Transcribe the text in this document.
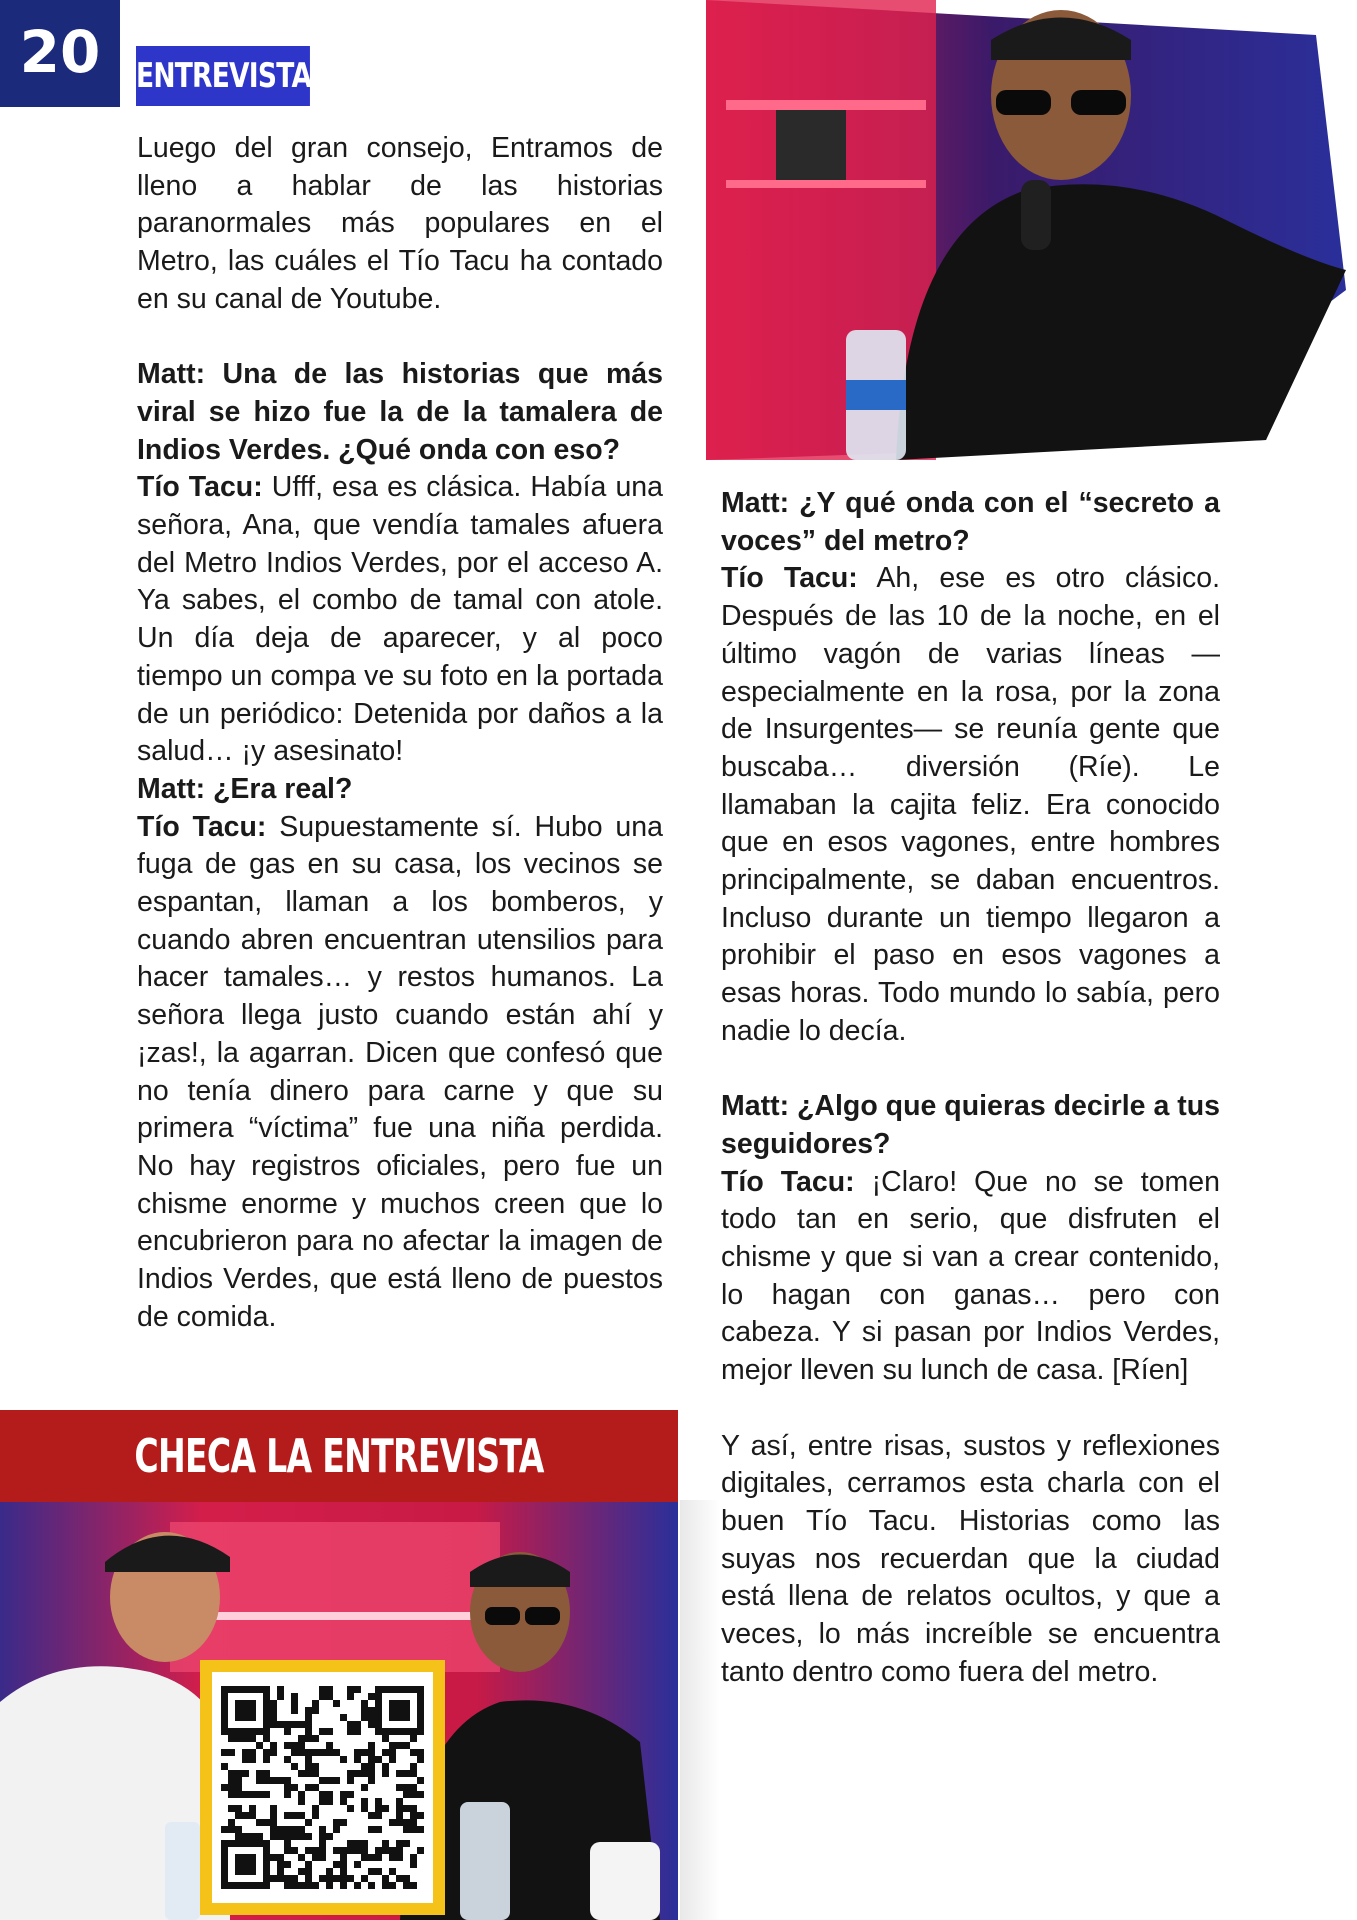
20	ENTREVISTA

Luego del gran consejo, Entramos de lleno a hablar de las historias paranormales más populares en el Metro, las cuáles el Tío Tacu ha contado en su canal de Youtube.

Matt: Una de las historias que más viral se hizo fue la de la tamalera de Indios Verdes. ¿Qué onda con eso?

Tío Tacu: Ufff, esa es clásica. Había una señora, Ana, que vendía tamales afuera del Metro Indios Verdes, por el acceso A. Ya sabes, el combo de tamal con atole. Un día deja de aparecer, y al poco tiempo un compa ve su foto en la portada de un periódico: Detenida por daños a la salud… ¡y asesinato!

Matt: ¿Era real?

Tío Tacu: Supuestamente sí. Hubo una fuga de gas en su casa, los vecinos se espantan, llaman a los bomberos, y cuando abren encuentran utensilios para hacer tamales… y restos humanos. La señora llega justo cuando están ahí y ¡zas!, la agarran. Dicen que confesó que no tenía dinero para carne y que su primera “víctima” fue una niña perdida. No hay registros oficiales, pero fue un chisme enorme y muchos creen que lo encubrieron para no afectar la imagen de Indios Verdes, que está lleno de puestos de comida.

Matt: ¿Y qué onda con el “secreto a voces” del metro?

Tío Tacu: Ah, ese es otro clásico. Después de las 10 de la noche, en el último vagón de varias líneas —especialmente en la rosa, por la zona de Insurgentes— se reunía gente que buscaba… diversión (Ríe). Le llamaban la cajita feliz. Era conocido que en esos vagones, entre hombres principalmente, se daban encuentros. Incluso durante un tiempo llegaron a prohibir el paso en esos vagones a esas horas. Todo mundo lo sabía, pero nadie lo decía.

Matt: ¿Algo que quieras decirle a tus seguidores?

Tío Tacu: ¡Claro! Que no se tomen todo tan en serio, que disfruten el chisme y que si van a crear contenido, lo hagan con ganas… pero con cabeza. Y si pasan por Indios Verdes, mejor lleven su lunch de casa. [Ríen]

Y así, entre risas, sustos y reflexiones digitales, cerramos esta charla con el buen Tío Tacu. Historias como las suyas nos recuerdan que la ciudad está llena de relatos ocultos, y que a veces, lo más increíble se encuentra tanto dentro como fuera del metro.

CHECA LA ENTREVISTA
